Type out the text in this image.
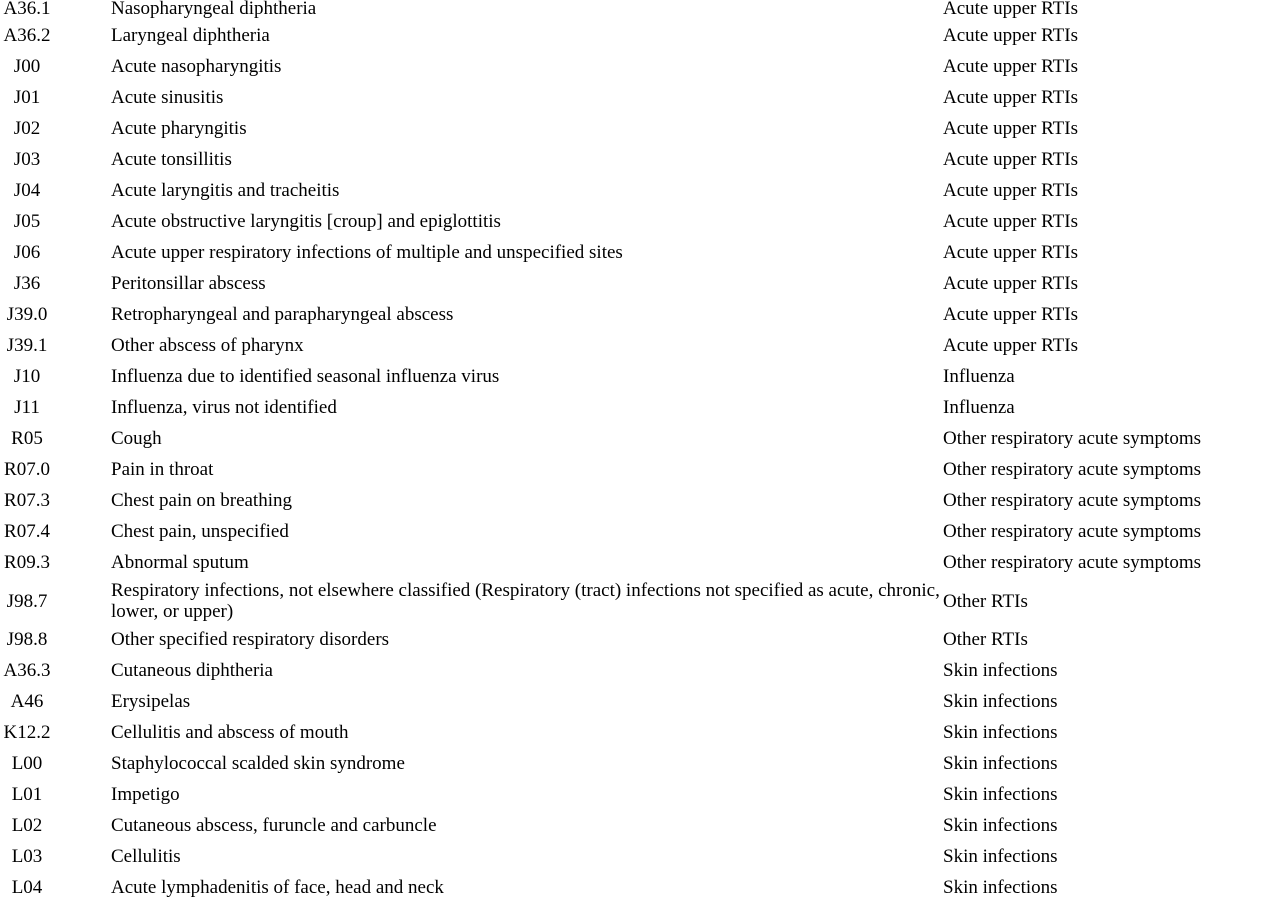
A36.1	Nasopharyngeal diphtheria	Acute upper RTIs
A36.2	Laryngeal diphtheria	Acute upper RTIs
J00	Acute nasopharyngitis	Acute upper RTIs
J01	Acute sinusitis	Acute upper RTIs
J02	Acute pharyngitis	Acute upper RTIs
J03	Acute tonsillitis	Acute upper RTIs
J04	Acute laryngitis and tracheitis	Acute upper RTIs
J05	Acute obstructive laryngitis [croup] and epiglottitis	Acute upper RTIs
J06	Acute upper respiratory infections of multiple and unspecified sites	Acute upper RTIs
J36	Peritonsillar abscess	Acute upper RTIs
J39.0	Retropharyngeal and parapharyngeal abscess	Acute upper RTIs
J39.1	Other abscess of pharynx	Acute upper RTIs
J10	Influenza due to identified seasonal influenza virus	Influenza
J11	Influenza, virus not identified	Influenza
R05	Cough	Other respiratory acute symptoms
R07.0	Pain in throat	Other respiratory acute symptoms
R07.3	Chest pain on breathing	Other respiratory acute symptoms
R07.4	Chest pain, unspecified	Other respiratory acute symptoms
R09.3	Abnormal sputum	Other respiratory acute symptoms
J98.7	Respiratory infections, not elsewhere classified (Respiratory (tract) infections not specified as acute, chronic, lower, or upper)	Other RTIs
J98.8	Other specified respiratory disorders	Other RTIs
A36.3	Cutaneous diphtheria	Skin infections
A46	Erysipelas	Skin infections
K12.2	Cellulitis and abscess of mouth	Skin infections
L00	Staphylococcal scalded skin syndrome	Skin infections
L01	Impetigo	Skin infections
L02	Cutaneous abscess, furuncle and carbuncle	Skin infections
L03	Cellulitis	Skin infections
L04	Acute lymphadenitis of face, head and neck	Skin infections
